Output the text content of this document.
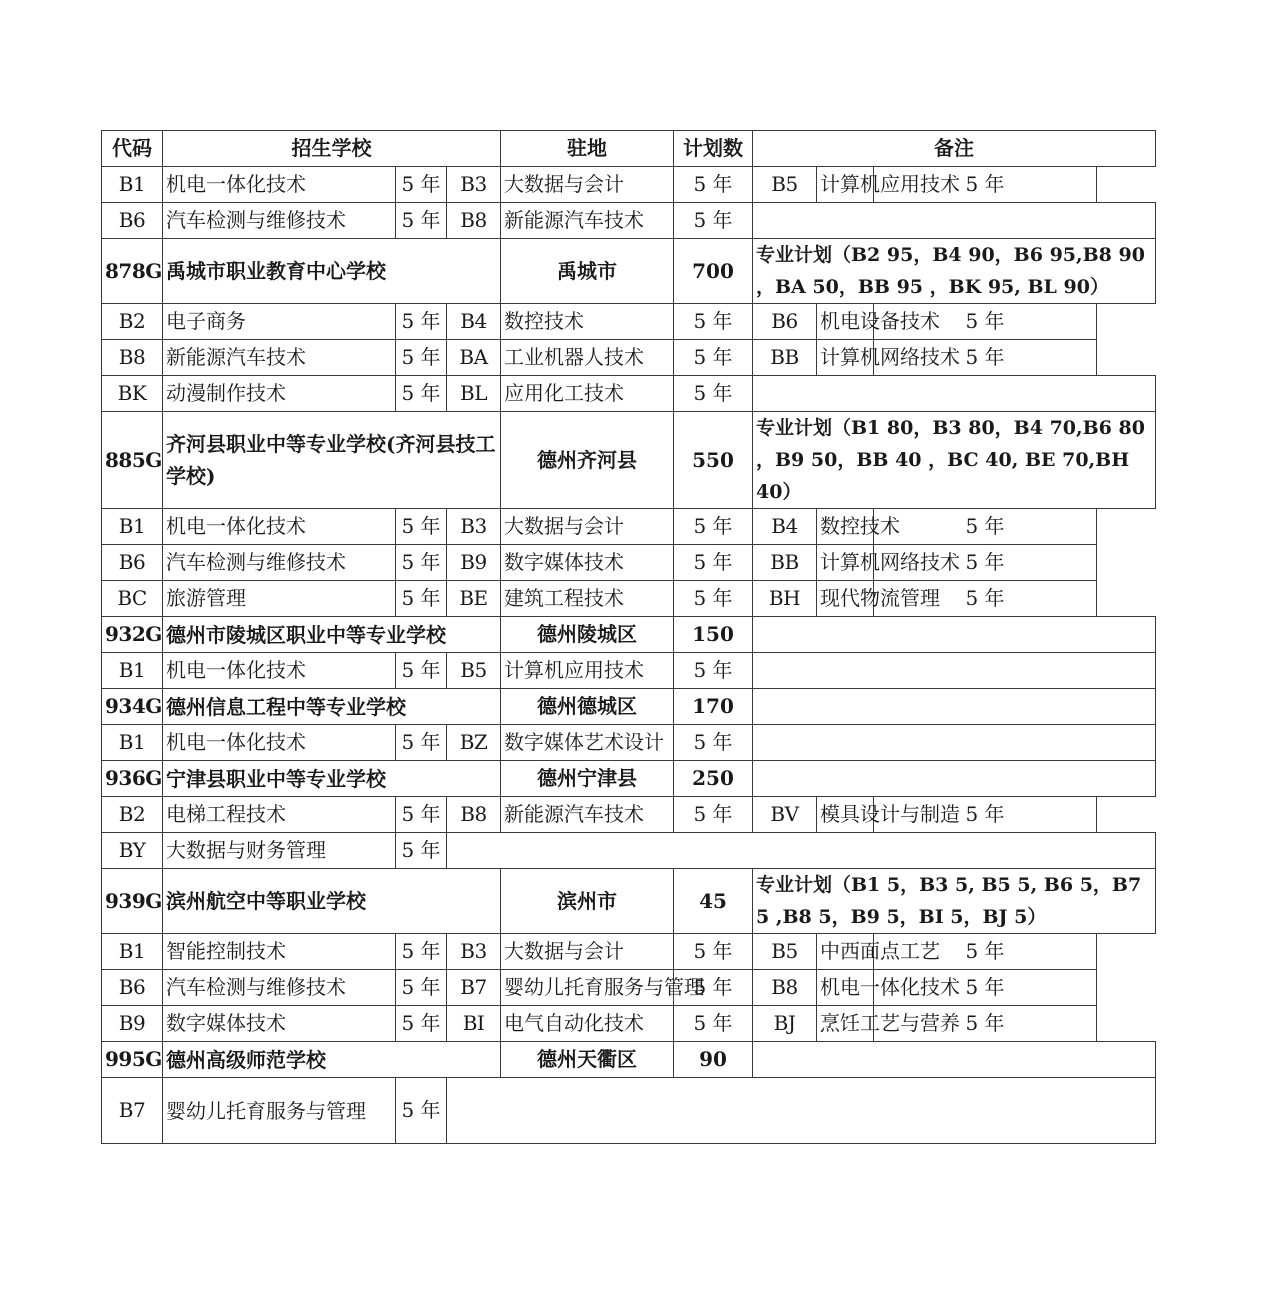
代码	招生学校			驻地	计划数	备注		
B1	机电一体化技术	5 年	B3	大数据与会计	5 年	B5	计算机应用技术	5 年
B6	汽车检测与维修技术	5 年	B8	新能源汽车技术	5 年			
878G	禹城市职业教育中心学校			禹城市	700	专业计划（B2 95，B4 90，B6 95,B8 90 ，BA 50，BB 95 ，BK 95, BL 90）		
B2	电子商务	5 年	B4	数控技术	5 年	B6	机电设备技术	5 年
B8	新能源汽车技术	5 年	BA	工业机器人技术	5 年	BB	计算机网络技术	5 年
BK	动漫制作技术	5 年	BL	应用化工技术	5 年			
885G	齐河县职业中等专业学校(齐河县技工学校)			德州齐河县	550	专业计划（B1 80，B3 80，B4 70,B6 80 ，B9 50，BB 40 ，BC 40, BE 70,BH 40）		
B1	机电一体化技术	5 年	B3	大数据与会计	5 年	B4	数控技术	5 年
B6	汽车检测与维修技术	5 年	B9	数字媒体技术	5 年	BB	计算机网络技术	5 年
BC	旅游管理	5 年	BE	建筑工程技术	5 年	BH	现代物流管理	5 年
932G	德州市陵城区职业中等专业学校			德州陵城区	150			
B1	机电一体化技术	5 年	B5	计算机应用技术	5 年			
934G	德州信息工程中等专业学校			德州德城区	170			
B1	机电一体化技术	5 年	BZ	数字媒体艺术设计	5 年			
936G	宁津县职业中等专业学校			德州宁津县	250			
B2	电梯工程技术	5 年	B8	新能源汽车技术	5 年	BV	模具设计与制造	5 年
BY	大数据与财务管理	5 年						
939G	滨州航空中等职业学校			滨州市	45	专业计划（B1 5，B3 5, B5 5, B6 5，B7 5 ,B8 5，B9 5，BI 5，BJ 5）		
B1	智能控制技术	5 年	B3	大数据与会计	5 年	B5	中西面点工艺	5 年
B6	汽车检测与维修技术	5 年	B7	婴幼儿托育服务与管理	5 年	B8	机电一体化技术	5 年
B9	数字媒体技术	5 年	BI	电气自动化技术	5 年	BJ	烹饪工艺与营养	5 年
995G	德州高级师范学校			德州天衢区	90			
B7	婴幼儿托育服务与管理	5 年						
